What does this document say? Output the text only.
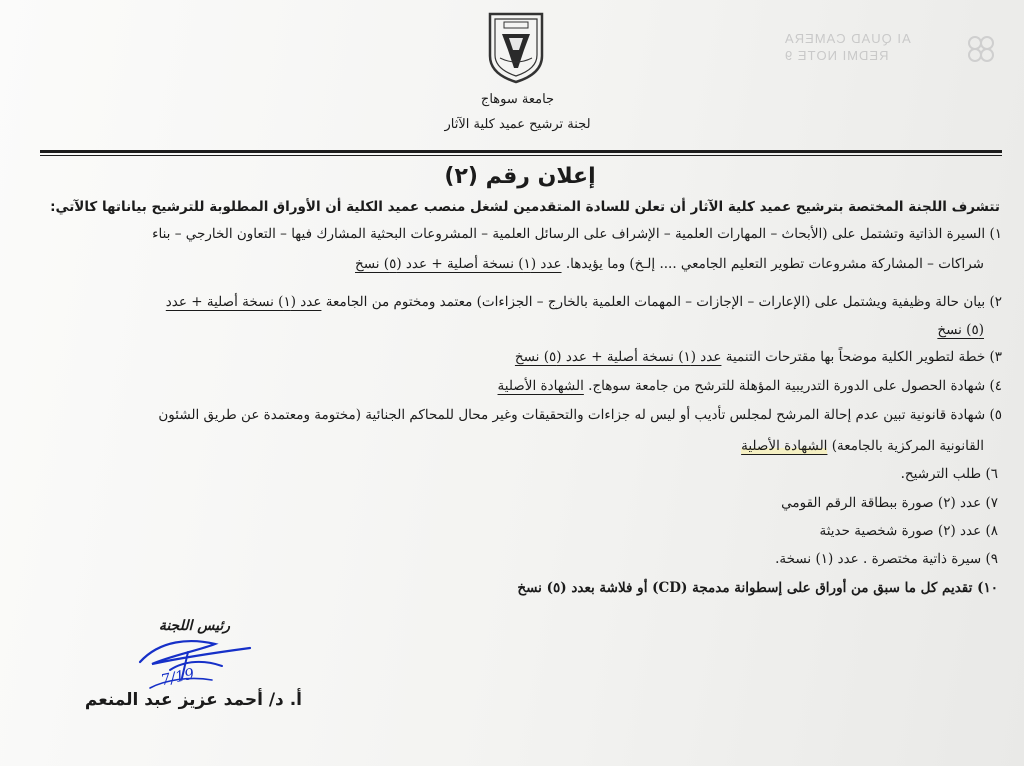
AI QUAD CAMERA
REDMI NOTE 9
جامعة سوهاج
لجنة ترشيح عميد كلية الآثار
إعلان رقم (٢)
تتشرف اللجنة المختصة بترشيح عميد كلية الآثار أن تعلن للسادة المتقدمين لشغل منصب عميد الكلية أن الأوراق المطلوبة للترشيح بياناتها كالآتي:
١) السيرة الذاتية وتشتمل على (الأبحاث – المهارات العلمية – الإشراف على الرسائل العلمية – المشروعات البحثية المشارك فيها – التعاون الخارجي – بناء
شراكات – المشاركة مشروعات تطوير التعليم الجامعي .... إلـخ) وما يؤيدها. عدد (١) نسخة أصلية + عدد (٥) نسخ
٢) بيان حالة وظيفية ويشتمل على (الإعارات – الإجازات – المهمات العلمية بالخارج – الجزاءات) معتمد ومختوم من الجامعة عدد (١) نسخة أصلية + عدد
(٥) نسخ
٣) خطة لتطوير الكلية موضحاً بها مقترحات التنمية عدد (١) نسخة أصلية + عدد (٥) نسخ
٤) شهادة الحصول على الدورة التدريبية المؤهلة للترشح من جامعة سوهاج. الشهادة الأصلية
٥) شهادة قانونية تبين عدم إحالة المرشح لمجلس تأديب أو ليس له جزاءات والتحقيقات وغير محال للمحاكم الجنائية (مختومة ومعتمدة عن طريق الشئون
القانونية المركزية بالجامعة) الشهادة الأصلية
٦) طلب الترشيح.
٧) عدد (٢) صورة ببطاقة الرقم القومي
٨) عدد (٢) صورة شخصية حديثة
٩) سيرة ذاتية مختصرة . عدد (١) نسخة.
١٠) تقديم كل ما سبق من أوراق على إسطوانة مدمجة (CD) أو فلاشة بعدد (٥) نسخ
رئيس اللجنة
7/19
أ. د/ أحمد عزيز عبد المنعم
